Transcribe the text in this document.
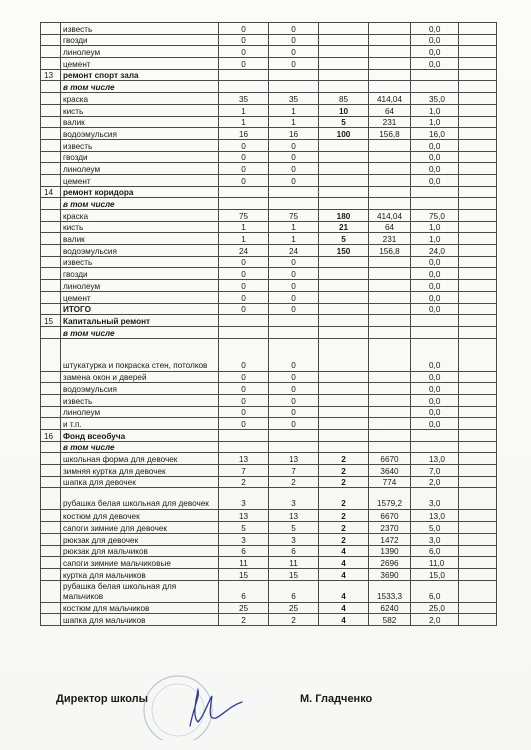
	известь	0	0			0,0	
	гвозди	0	0			0,0	
	линолеум	0	0			0,0	
	цемент	0	0			0,0	
13	ремонт спорт зала						
	в том числе						
	краска	35	35	85	414,04	35,0	
	кисть	1	1	10	64	1,0	
	валик	1	1	5	231	1,0	
	водоэмульсия	16	16	100	156,8	16,0	
	известь	0	0			0,0	
	гвозди	0	0			0,0	
	линолеум	0	0			0,0	
	цемент	0	0			0,0	
14	ремонт коридора						
	в том числе						
	краска	75	75	180	414,04	75,0	
	кисть	1	1	21	64	1,0	
	валик	1	1	5	231	1,0	
	водоэмульсия	24	24	150	156,8	24,0	
	известь	0	0			0,0	
	гвозди	0	0			0,0	
	линолеум	0	0			0,0	
	цемент	0	0			0,0	
	ИТОГО	0	0			0,0	
15	Капитальный ремонт						
	в том числе						
	штукатурка и покраска стен, потолков	0	0			0,0	
	замена окон и дверей	0	0			0,0	
	водоэмульсия	0	0			0,0	
	известь	0	0			0,0	
	линолеум	0	0			0,0	
	и т.п.	0	0			0,0	
16	Фонд всеобуча						
	в том числе						
	школьная форма для девочек	13	13	2	6670	13,0	
	зимняя куртка для девочек	7	7	2	3640	7,0	
	шапка для девочек	2	2	2	774	2,0	
	рубашка белая школьная для девочек	3	3	2	1579,2	3,0	
	костюм для девочек	13	13	2	6670	13,0	
	сапоги зимние для девочек	5	5	2	2370	5,0	
	рюкзак для девочек	3	3	2	1472	3,0	
	рюкзак для мальчиков	6	6	4	1390	6,0	
	сапоги зимние мальчиковые	11	11	4	2696	11,0	
	куртка для мальчиков	15	15	4	3690	15,0	
	рубашка белая школьная для мальчиков	6	6	4	1533,3	6,0	
	костюм для мальчиков	25	25	4	6240	25,0	
	шапка для мальчиков	2	2	4	582	2,0	
Директор школы	М. Гладченко
